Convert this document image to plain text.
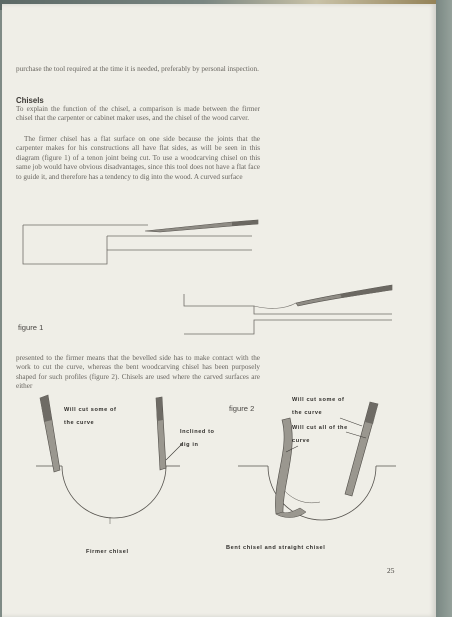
purchase the tool required at the time it is needed, preferably by personal inspection.
Chisels
To explain the function of the chisel, a comparison is made between the firmer chisel that the carpenter or cabinet maker uses, and the chisel of the wood carver.
The firmer chisel has a flat surface on one side because the joints that the carpenter makes for his constructions all have flat sides, as will be seen in this diagram (figure 1) of a tenon joint being cut. To use a woodcarving chisel on this same job would have obvious disadvantages, since this tool does not have a flat face to guide it, and therefore has a tendency to dig into the wood. A curved surface
figure 1
presented to the firmer means that the bevelled side has to make contact with the work to cut the curve, whereas the bent woodcarving chisel has been purposely shaped for such profiles (figure 2). Chisels are used where the carved surfaces are either
figure 2
Will cut some of the curve
Inclined to dig in
Will cut some of the curve
Will cut all of the curve
Firmer chisel
Bent chisel and straight chisel
25
